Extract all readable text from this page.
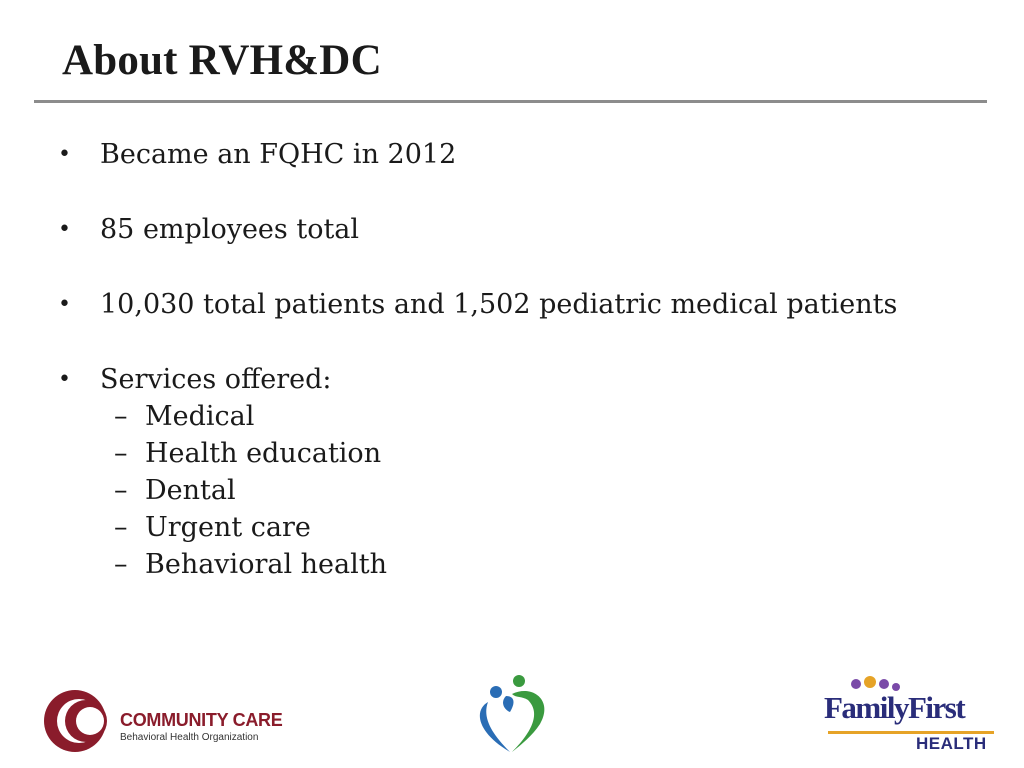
About RVH&DC
• Became an FQHC in 2012
• 85 employees total
• 10,030 total patients and 1,502 pediatric medical patients
• Services offered:
– Medical
– Health education
– Dental
– Urgent care
– Behavioral health
COMMUNITY CARE
Behavioral Health Organization
FamilyFirst
HEALTH
